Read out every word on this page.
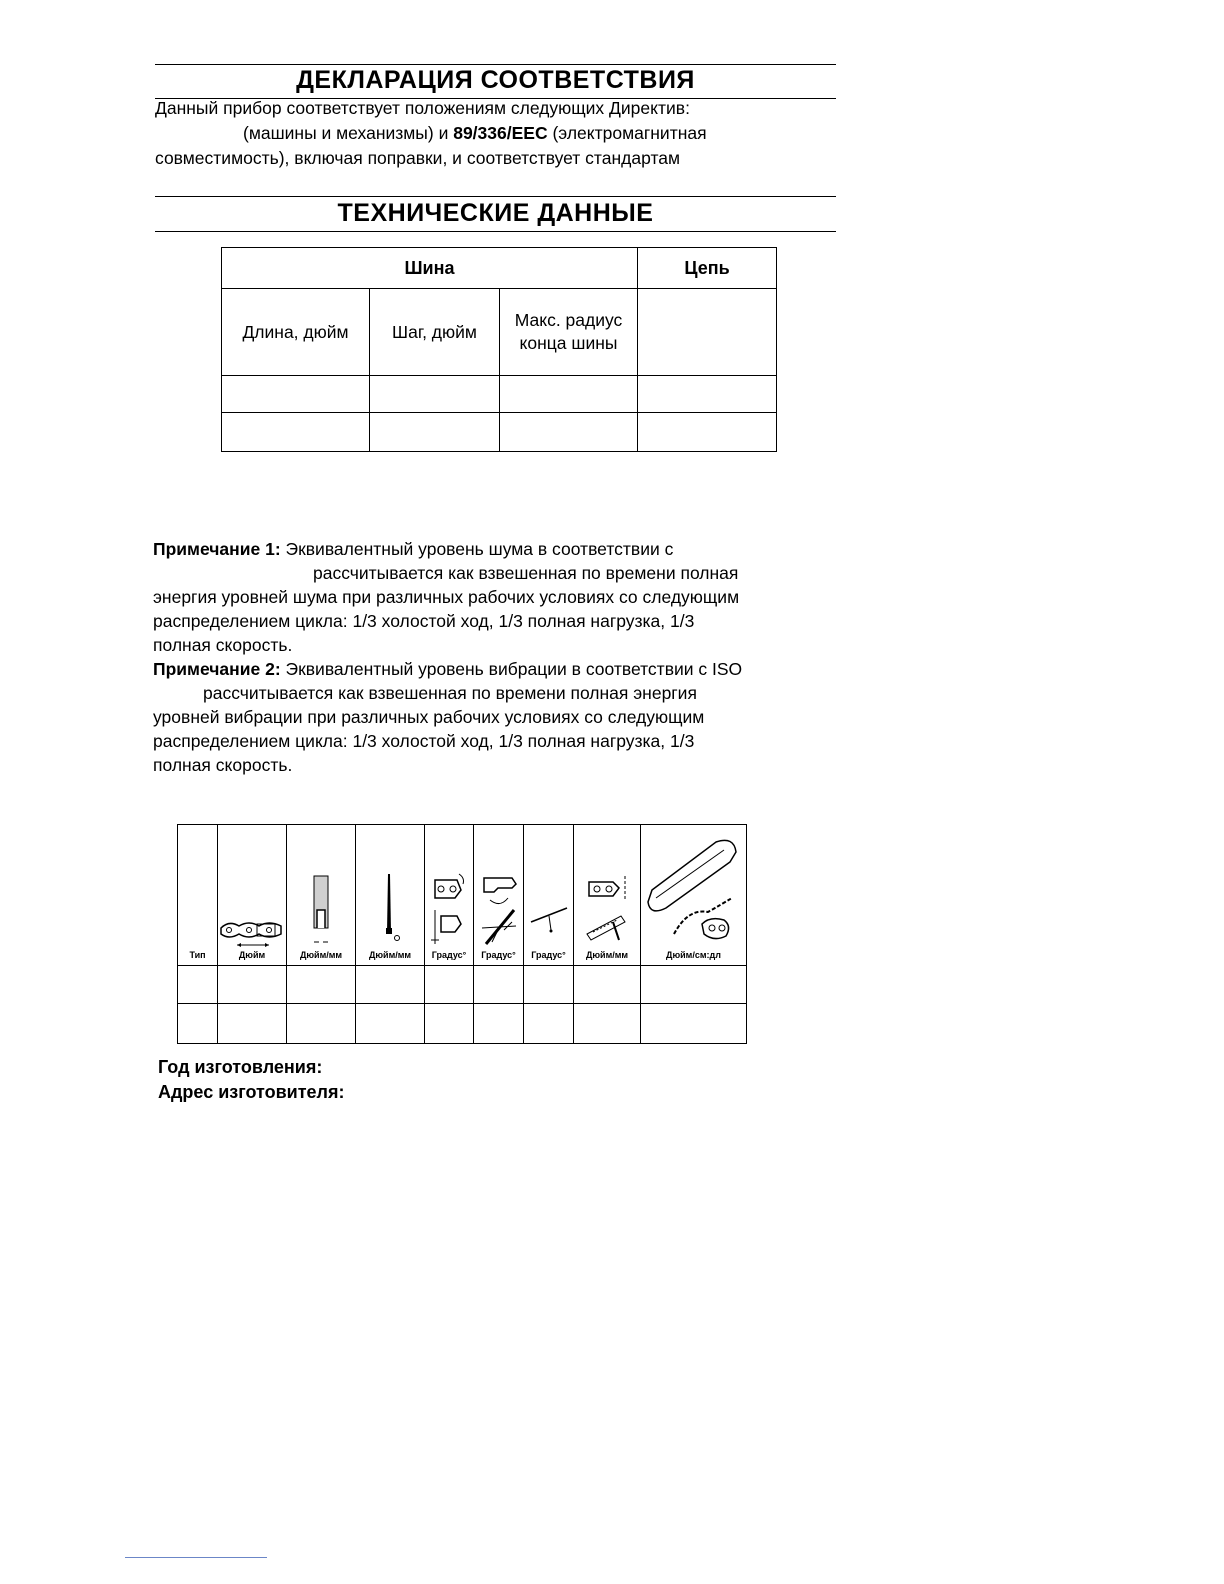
ДЕКЛАРАЦИЯ СООТВЕТСТВИЯ
Данный прибор соответствует положениям следующих Директив:
(машины и механизмы) и 89/336/EEC (электромагнитная
совместимость), включая поправки, и соответствует стандартам
ТЕХНИЧЕСКИЕ ДАННЫЕ
Шина			Цепь
Длина, дюйм	Шаг, дюйм	Макс. радиус конца шины	

Примечание 1: Эквивалентный уровень шума в соответствии с
рассчитывается как взвешенная по времени полная
энергия уровней шума при различных рабочих условиях со следующим
распределением цикла: 1/3 холостой ход, 1/3 полная нагрузка, 1/3
полная скорость.
Примечание 2: Эквивалентный уровень вибрации в соответствии с ISO
рассчитывается как взвешенная по времени полная энергия
уровней вибрации при различных рабочих условиях со следующим
распределением цикла: 1/3 холостой ход, 1/3 полная нагрузка, 1/3
полная скорость.
Тип	Дюйм	Дюйм/мм	Дюйм/мм	Градус°	Градус°	Градус°	Дюйм/мм	Дюйм/см:дл

Год изготовления:
Адрес изготовителя:
